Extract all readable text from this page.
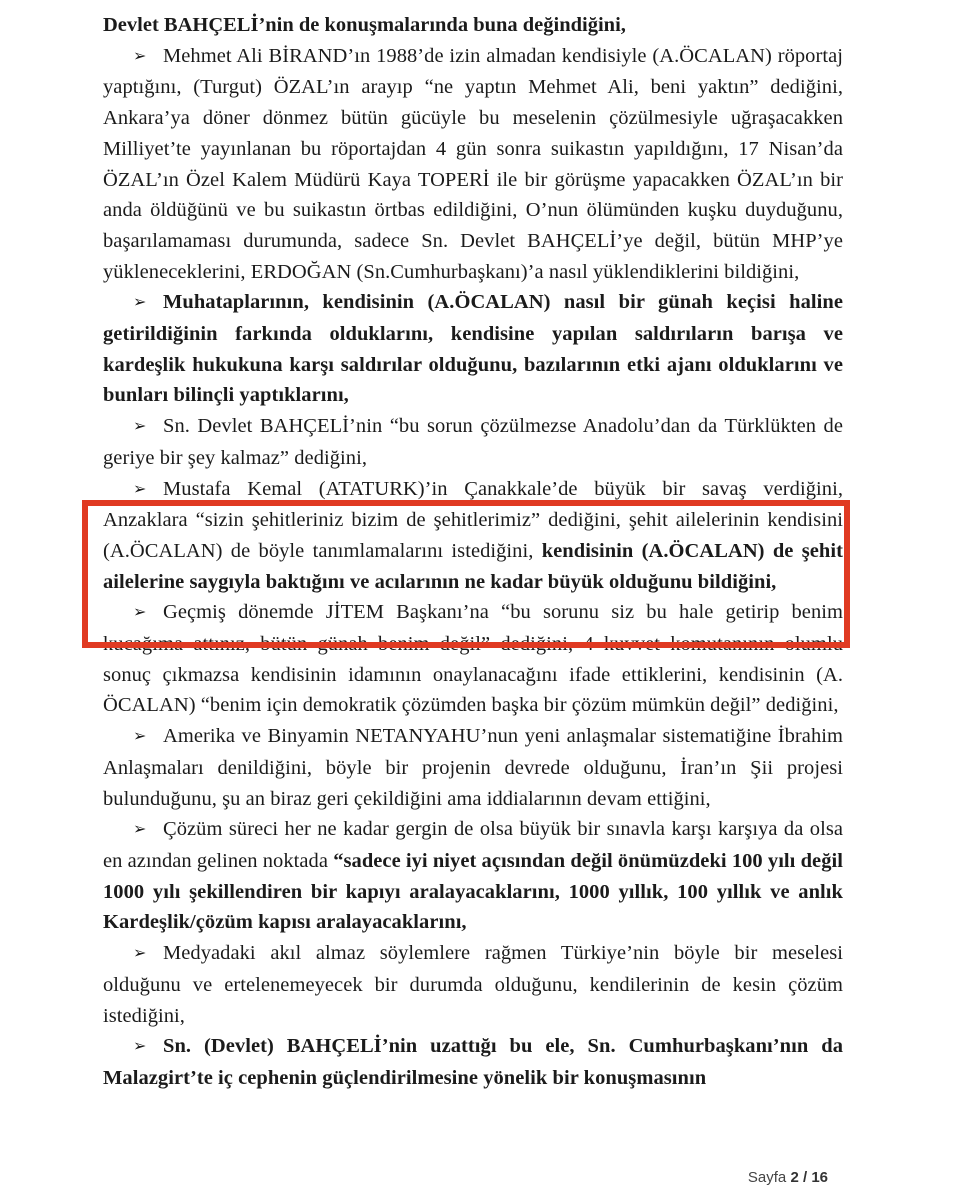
Devlet BAHÇELİ’nin de konuşmalarında buna değindiğini,

➢ Mehmet Ali BİRAND’ın 1988’de izin almadan kendisiyle (A.ÖCALAN) röportaj yaptığını, (Turgut) ÖZAL’ın arayıp “ne yaptın Mehmet Ali, beni yaktın” dediğini, Ankara’ya döner dönmez bütün gücüyle bu meselenin çözülmesiyle uğraşacakken Milliyet’te yayınlanan bu röportajdan 4 gün sonra suikastın yapıldığını, 17 Nisan’da ÖZAL’ın Özel Kalem Müdürü Kaya TOPERİ ile bir görüşme yapacakken ÖZAL’ın bir anda öldüğünü ve bu suikastın örtbas edildiğini, O’nun ölümünden kuşku duyduğunu, başarılamaması durumunda, sadece Sn. Devlet BAHÇELİ’ye değil, bütün MHP’ye yükleneceklerini, ERDOĞAN (Sn.Cumhurbaşkanı)’a nasıl yüklendiklerini bildiğini,

➢ Muhataplarının, kendisinin (A.ÖCALAN) nasıl bir günah keçisi haline getirildiğinin farkında olduklarını, kendisine yapılan saldırıların barışa ve kardeşlik hukukuna karşı saldırılar olduğunu, bazılarının etki ajanı olduklarını ve bunları bilinçli yaptıklarını,

➢ Sn. Devlet BAHÇELİ’nin “bu sorun çözülmezse Anadolu’dan da Türklükten de geriye bir şey kalmaz” dediğini,

➢ Mustafa Kemal (ATATURK)’in Çanakkale’de büyük bir savaş verdiğini, Anzaklara “sizin şehitleriniz bizim de şehitlerimiz” dediğini, şehit ailelerinin kendisini (A.ÖCALAN) de böyle tanımlamalarını istediğini, kendisinin (A.ÖCALAN) de şehit ailelerine saygıyla baktığını ve acılarının ne kadar büyük olduğunu bildiğini,

➢ Geçmiş dönemde JİTEM Başkanı’na “bu sorunu siz bu hale getirip benim kucağıma attınız, bütün günah benim değil” dediğini, 4 kuvvet komutanının olumlu sonuç çıkmazsa kendisinin idamının onaylanacağını ifade ettiklerini, kendisinin (A. ÖCALAN) “benim için demokratik çözümden başka bir çözüm mümkün değil” dediğini,

➢ Amerika ve Binyamin NETANYAHU’nun yeni anlaşmalar sistematiğine İbrahim Anlaşmaları denildiğini, böyle bir projenin devrede olduğunu, İran’ın Şii projesi bulunduğunu, şu an biraz geri çekildiğini ama iddialarının devam ettiğini,

➢ Çözüm süreci her ne kadar gergin de olsa büyük bir sınavla karşı karşıya da olsa en azından gelinen noktada “sadece iyi niyet açısından değil önümüzdeki 100 yılı değil 1000 yılı şekillendiren bir kapıyı aralayacaklarını, 1000 yıllık, 100 yıllık ve anlık Kardeşlik/çözüm kapısı aralayacaklarını,

➢ Medyadaki akıl almaz söylemlere rağmen Türkiye’nin böyle bir meselesi olduğunu ve ertelenemeyecek bir durumda olduğunu, kendilerinin de kesin çözüm istediğini,

➢ Sn. (Devlet) BAHÇELİ’nin uzattığı bu ele, Sn. Cumhurbaşkanı’nın da Malazgirt’te iç cephenin güçlendirilmesine yönelik bir konuşmasının

Sayfa 2 / 16
